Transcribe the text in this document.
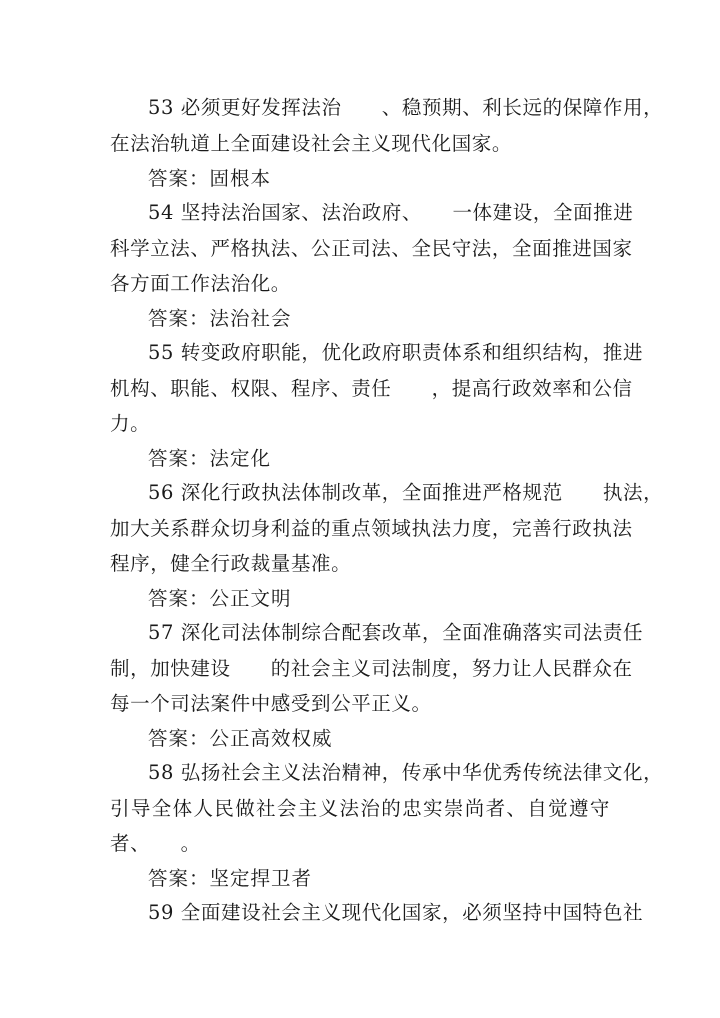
53 必须更好发挥法治　　、稳预期、利长远的保障作用，
在法治轨道上全面建设社会主义现代化国家。
答案：固根本
54 坚持法治国家、法治政府、　　一体建设，全面推进
科学立法、严格执法、公正司法、全民守法，全面推进国家
各方面工作法治化。
答案：法治社会
55 转变政府职能，优化政府职责体系和组织结构，推进
机构、职能、权限、程序、责任　　，提高行政效率和公信
力。
答案：法定化
56 深化行政执法体制改革，全面推进严格规范　　执法，
加大关系群众切身利益的重点领域执法力度，完善行政执法
程序，健全行政裁量基准。
答案：公正文明
57 深化司法体制综合配套改革，全面准确落实司法责任
制，加快建设　　的社会主义司法制度，努力让人民群众在
每一个司法案件中感受到公平正义。
答案：公正高效权威
58 弘扬社会主义法治精神，传承中华优秀传统法律文化，
引导全体人民做社会主义法治的忠实崇尚者、自觉遵守
者、　　。
答案：坚定捍卫者
59 全面建设社会主义现代化国家，必须坚持中国特色社
